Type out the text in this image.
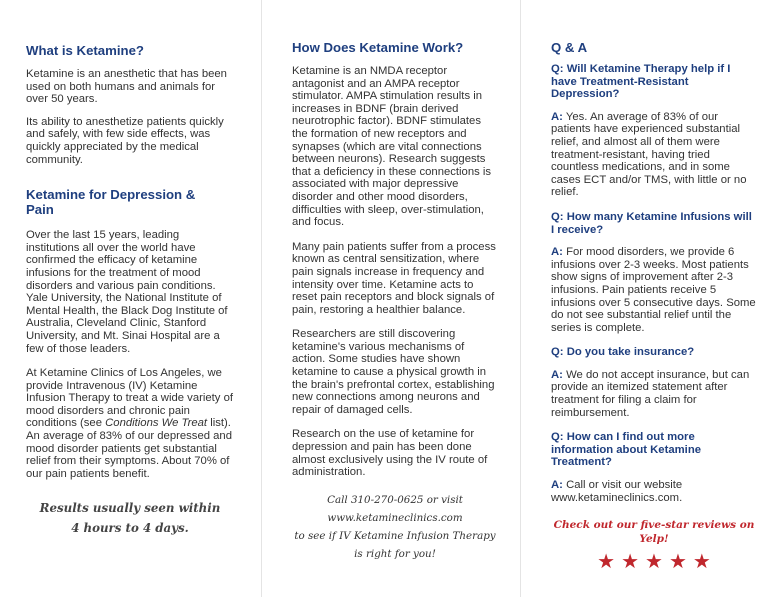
What is Ketamine?

Ketamine is an anesthetic that has been used on both humans and animals for over 50 years.

Its ability to anesthetize patients quickly and safely, with few side effects, was quickly appreciated by the medical community.

Ketamine for Depression & Pain

Over the last 15 years, leading institutions all over the world have confirmed the efficacy of ketamine infusions for the treatment of mood disorders and various pain conditions. Yale University, the National Institute of Mental Health, the Black Dog Institute of Australia, Cleveland Clinic, Stanford University, and Mt. Sinai Hospital are a few of those leaders.

At Ketamine Clinics of Los Angeles, we provide Intravenous (IV) Ketamine Infusion Therapy to treat a wide variety of mood disorders and chronic pain conditions (see Conditions We Treat list). An average of 83% of our depressed and mood disorder patients get substantial relief from their symptoms. About 70% of our pain patients benefit.

Results usually seen within
4 hours to 4 days.
How Does Ketamine Work?

Ketamine is an NMDA receptor antagonist and an AMPA receptor stimulator. AMPA stimulation results in increases in BDNF (brain derived neurotrophic factor). BDNF stimulates the formation of new receptors and synapses (which are vital connections between neurons). Research suggests that a deficiency in these connections is associated with major depressive disorder and other mood disorders, difficulties with sleep, over-stimulation, and focus.

Many pain patients suffer from a process known as central sensitization, where pain signals increase in frequency and intensity over time. Ketamine acts to reset pain receptors and block signals of pain, restoring a healthier balance.

Researchers are still discovering ketamine's various mechanisms of action. Some studies have shown ketamine to cause a physical growth in the brain's prefrontal cortex, establishing new connections among neurons and repair of damaged cells.

Research on the use of ketamine for depression and pain has been done almost exclusively using the IV route of administration.

Call 310-270-0625 or visit
www.ketamineclinics.com
to see if IV Ketamine Infusion Therapy
is right for you!
Q & A
Q: Will Ketamine Therapy help if I have Treatment-Resistant Depression?
A: Yes. An average of 83% of our patients have experienced substantial relief, and almost all of them were treatment-resistant, having tried countless medications, and in some cases ECT and/or TMS, with little or no relief.
Q: How many Ketamine Infusions will I receive?
A: For mood disorders, we provide 6 infusions over 2-3 weeks. Most patients show signs of improvement after 2-3 infusions. Pain patients receive 5 infusions over 5 consecutive days. Some do not see substantial relief until the series is complete.
Q: Do you take insurance?
A: We do not accept insurance, but can provide an itemized statement after treatment for filing a claim for reimbursement.
Q: How can I find out more information about Ketamine Treatment?
A: Call or visit our website www.ketamineclinics.com.
Check out our five-star reviews on Yelp!
★ ★ ★ ★ ★
